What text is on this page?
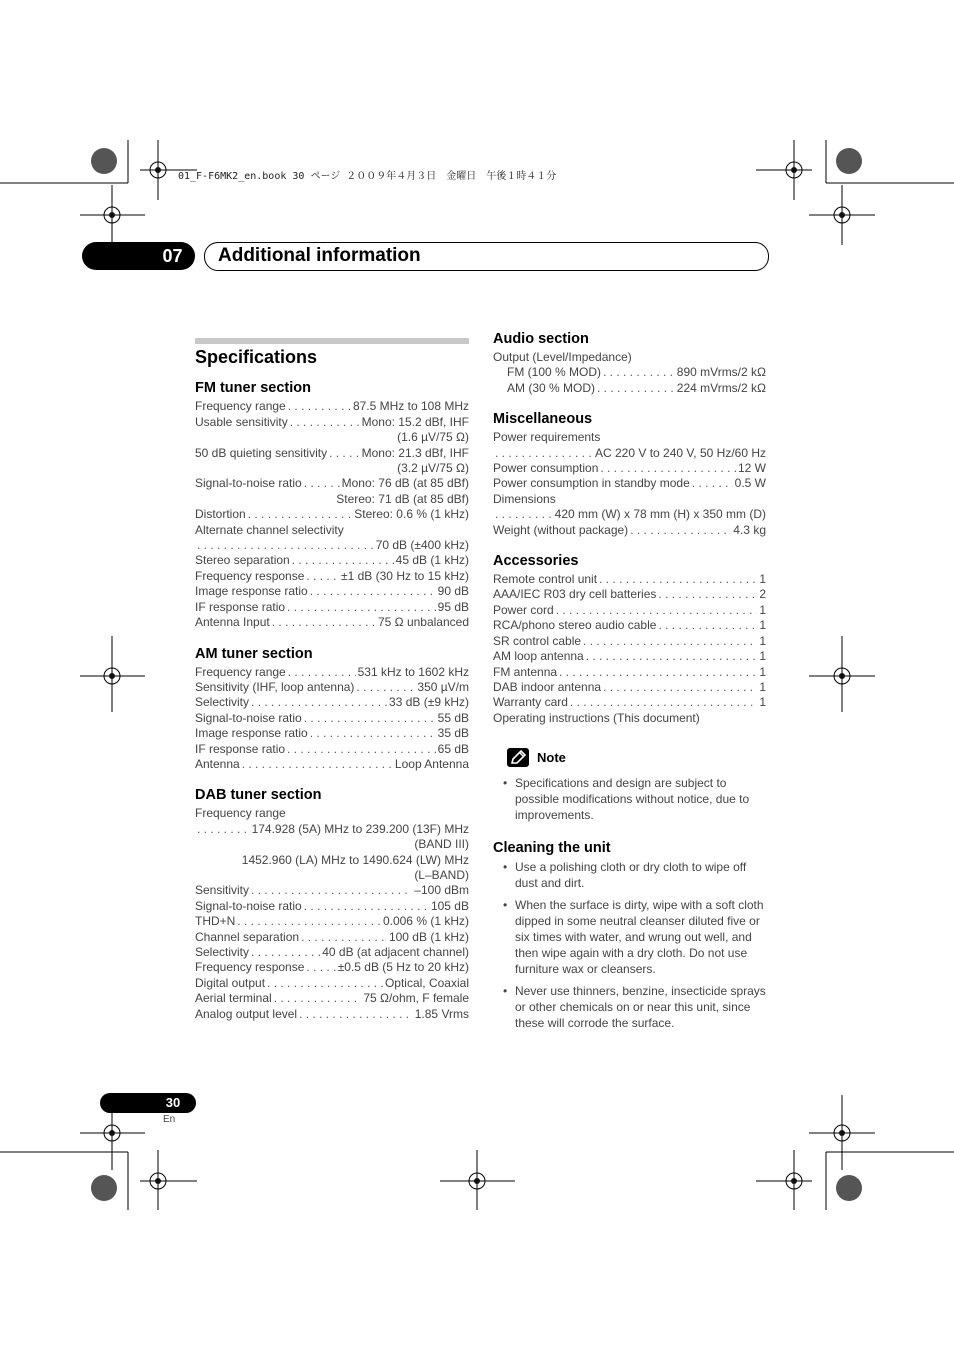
01_F-F6MK2_en.book 30 ページ ２００９年４月３日　金曜日　午後１時４１分
07	Additional information
Specifications
FM tuner section
Frequency range . . .	87.5 MHz to 108 MHz
Usable sensitivity . . .	Mono: 15.2 dBf, IHF
(1.6 µV/75 Ω)
50 dB quieting sensitivity . . .	Mono: 21.3 dBf, IHF
(3.2 µV/75 Ω)
Signal-to-noise ratio . . .	Mono: 76 dB (at 85 dBf)
Stereo: 71 dB (at 85 dBf)
Distortion . . .	Stereo: 0.6 % (1 kHz)
Alternate channel selectivity
. . .
70 dB (±400 kHz)
Stereo separation . . .	45 dB (1 kHz)
Frequency response . . .	±1 dB (30 Hz to 15 kHz)
Image response ratio . . .	90 dB
IF response ratio . . .	95 dB
Antenna Input . . .	75 Ω unbalanced
AM tuner section
Frequency range . . .	531 kHz to 1602 kHz
Sensitivity (IHF, loop antenna) . . .	350 µV/m
Selectivity . . .	33 dB (±9 kHz)
Signal-to-noise ratio . . .	55 dB
Image response ratio . . .	35 dB
IF response ratio . . .	65 dB
Antenna . . .	Loop Antenna
DAB tuner section
Frequency range
. . .
174.928 (5A) MHz to 239.200 (13F) MHz
(BAND III)
1452.960 (LA) MHz to 1490.624 (LW) MHz
(L–BAND)
Sensitivity . . .	–100 dBm
Signal-to-noise ratio . . .	105 dB
THD+N . . .	0.006 % (1 kHz)
Channel separation . . .	100 dB (1 kHz)
Selectivity . . .	40 dB (at adjacent channel)
Frequency response . . .	±0.5 dB (5 Hz to 20 kHz)
Digital output . . .	Optical, Coaxial
Aerial terminal . . .	75 Ω/ohm, F female
Analog output level . . .	1.85 Vrms
Audio section
Output (Level/Impedance)
FM (100 % MOD) . . .	890 mVrms/2 kΩ
AM (30 % MOD) . . .	224 mVrms/2 kΩ
Miscellaneous
Power requirements
. . .
AC 220 V to 240 V, 50 Hz/60 Hz
Power consumption . . .	12 W
Power consumption in standby mode . . .	0.5 W
Dimensions
. . .
420 mm (W) x 78 mm (H) x 350 mm (D)
Weight (without package) . . .	4.3 kg
Accessories
Remote control unit . . .	1
AAA/IEC R03 dry cell batteries . . .	2
Power cord . . .	1
RCA/phono stereo audio cable . . .	1
SR control cable . . .	1
AM loop antenna . . .	1
FM antenna . . .	1
DAB indoor antenna . . .	1
Warranty card . . .	1
Operating instructions (This document)
Note
• Specifications and design are subject to possible modifications without notice, due to improvements.
Cleaning the unit
• Use a polishing cloth or dry cloth to wipe off dust and dirt.
• When the surface is dirty, wipe with a soft cloth dipped in some neutral cleanser diluted five or six times with water, and wrung out well, and then wipe again with a dry cloth. Do not use furniture wax or cleansers.
• Never use thinners, benzine, insecticide sprays or other chemicals on or near this unit, since these will corrode the surface.
30
En
